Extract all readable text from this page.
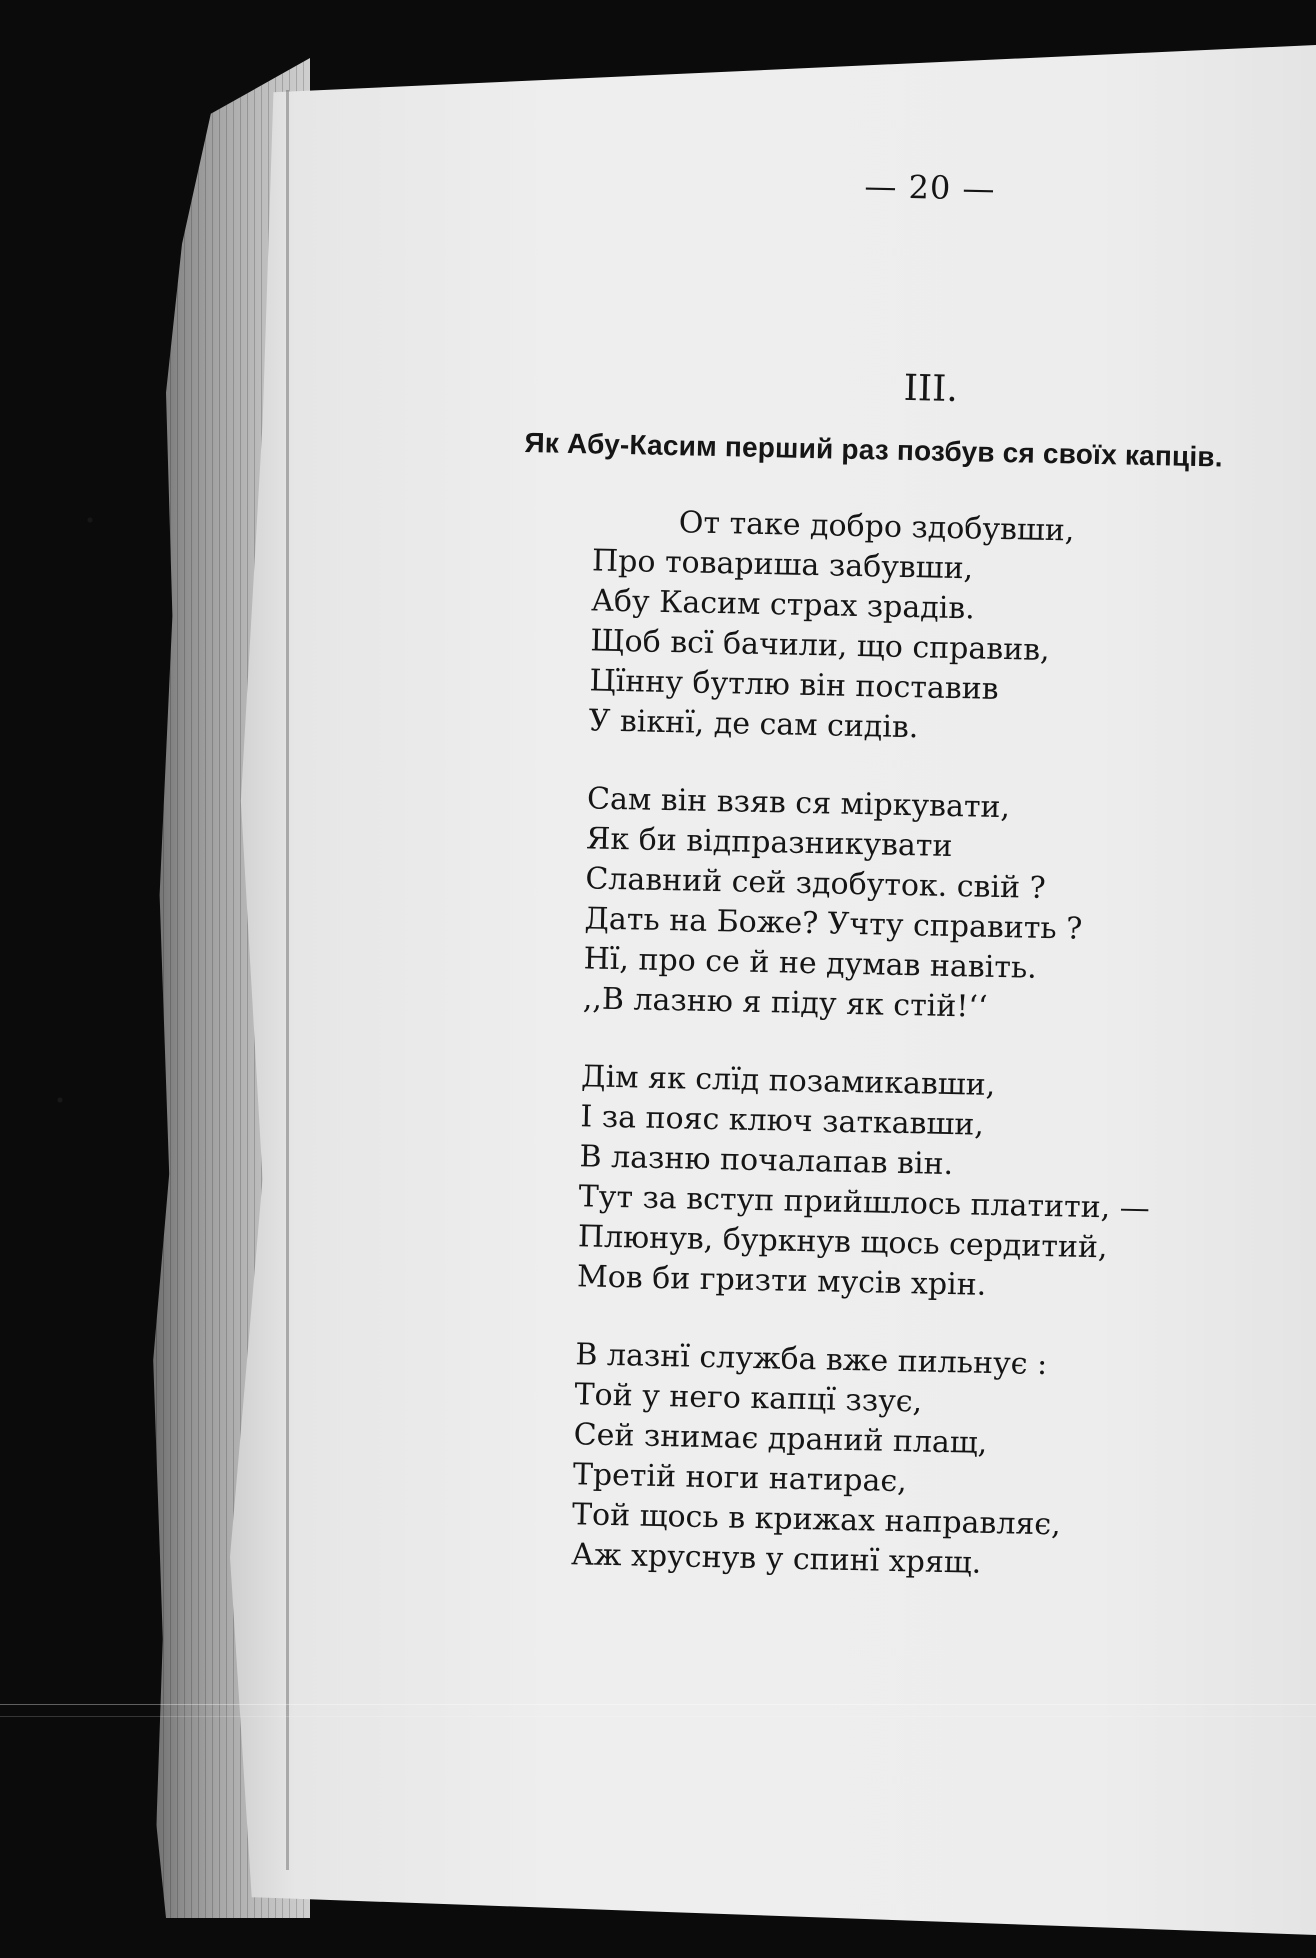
— 20 —
III.
Як Абу-Касим перший раз позбув ся своїх капців.
От таке добро здобувши,
Про товариша забувши,
Абу Касим страх зрадів.
Щоб всї бачили, що справив,
Цїнну бутлю він поставив
У вікнї, де сам сидів.
Сам він взяв ся міркувати,
Як би відпразникувати
Славний сей здобуток. свій ?
Дать на Боже? Учту справить ?
Нї, про се й не думав навіть.
,,В лазню я піду як стій!‘‘
Дім як слїд позамикавши,
І за пояс ключ заткавши,
В лазню почалапав він.
Тут за вступ прийшлось платити, —
Плюнув, буркнув щось сердитий,
Мов би гризти мусів хрін.
В лазнї служба вже пильнує :
Той у него капцї ззує,
Сей знимає драний плащ,
Третій ноги натирає,
Той щось в крижах направляє,
Аж хруснув у спинї хрящ.
